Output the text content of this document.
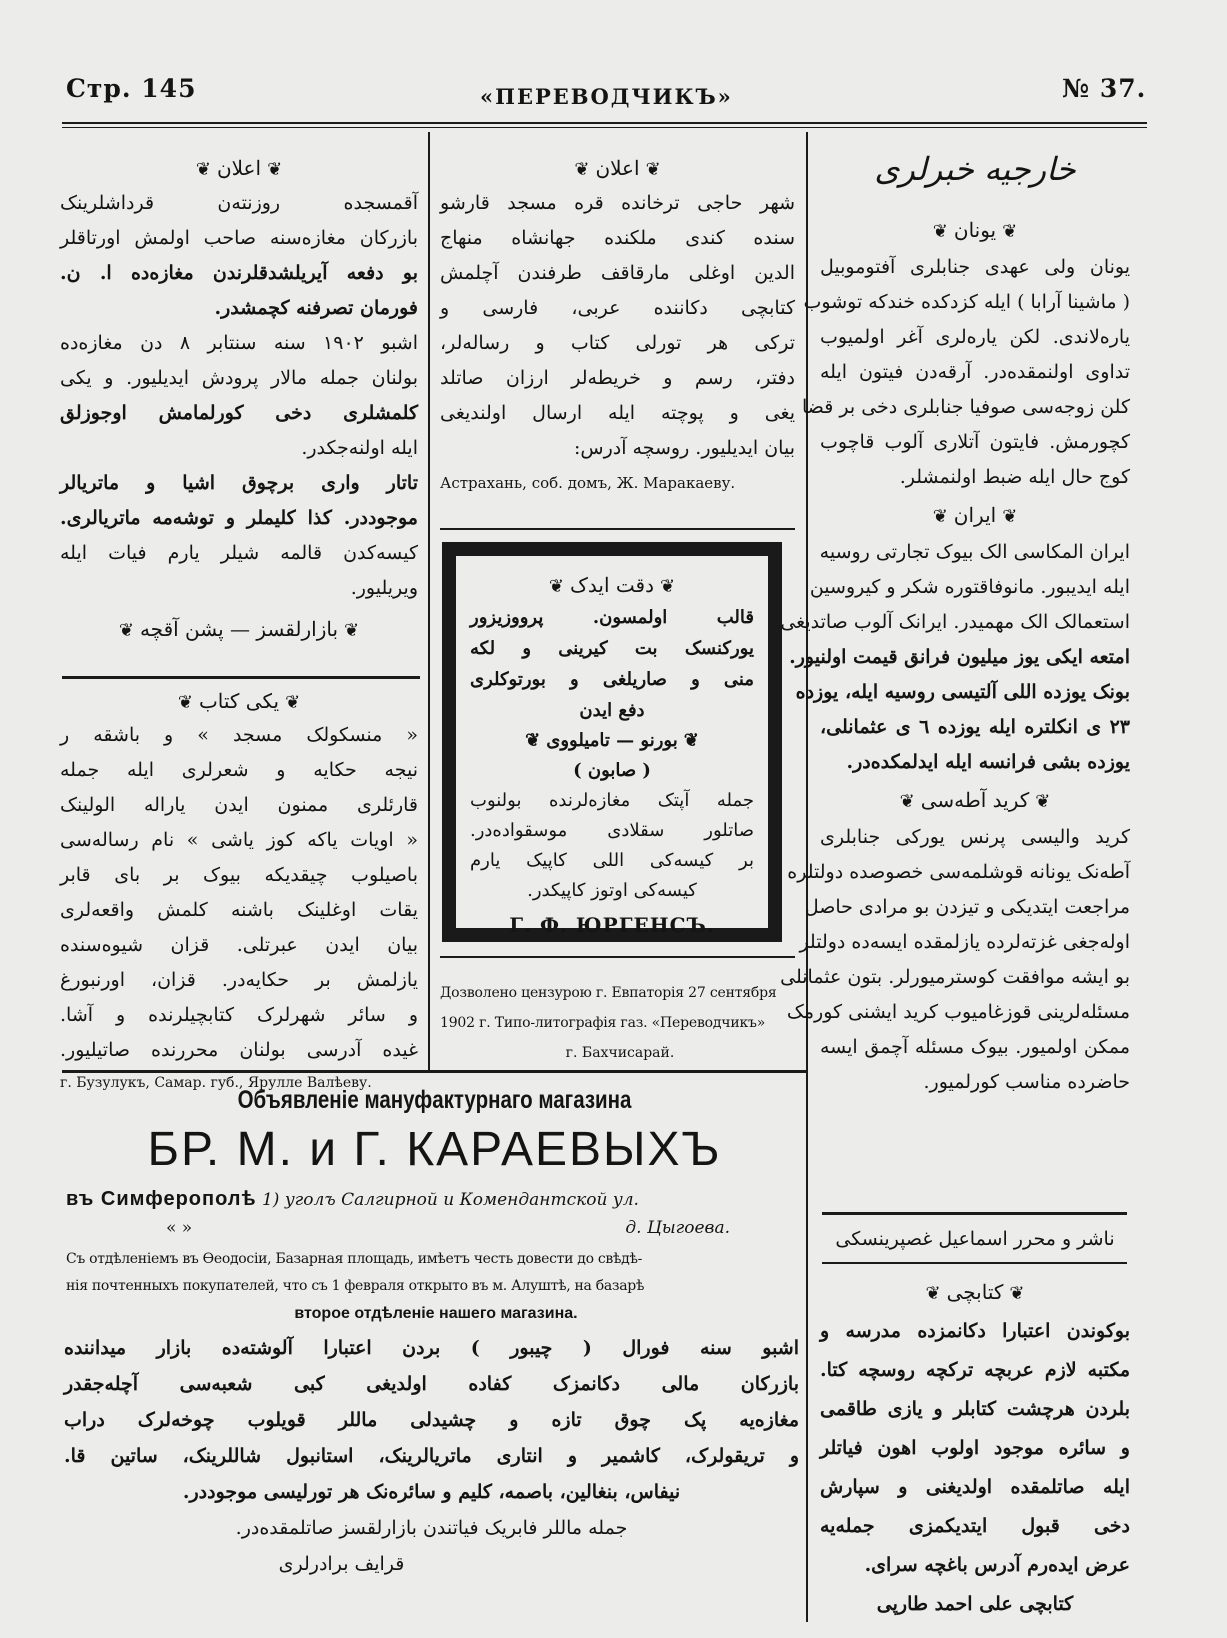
Стр. 145	«ПЕРЕВОДЧИКЪ»	№ 37.
خارجیه خبرلری
❦ یونان ❦
یونان ولی عهدی جنابلری آفتوموبیل
( ماشینا آرابا ) ایله کزدکده خندکه توشوب
یارەلاندی. لکن یارەلری آغر اولمیوب
تداوی اولنمقدەدر. آرقەدن فیتون ایله
کلن زوجەسی صوفیا جنابلری دخی بر قضا
کچورمش. فایتون آتلاری آلوب قاچوب
کوج حال ایله ضبط اولنمشلر.
❦ ایران ❦
ایران المکاسی الک بیوک تجارتی روسیه
ایله ایدیبور. مانوفاقتوره شکر و کیروسین
استعمالک الک مهمیدر. ایرانک آلوب صاتدیغی
امتعه ایکی یوز میلیون فرانق قیمت اولنیور.
بونک یوزده اللی آلتیسی روسیه ایله، یوزده
۲۳ ی انکلترە ایلە یوزدە ٦ ی عثمانلی،
یوزدە بشی فرانسە ایلە ایدلمکدەدر.
❦ کرید آطەسی ❦
کرید والیسی پرنس یورکی جنابلری
آطەنک یونانە قوشلمەسی خصوصدە دولتلرە
مراجعت ایتدیکی و تیزدن بو مرادی حاصل
اولەجغی غزتەلردە یازلمقدە ایسەدە دولتلر
بو ایشە موافقت کوسترمیورلر. بتون عثمانلی
مسئلەلرینی قوزغامیوب کرید ایشنی کورمک
ممکن اولمیور. بیوک مسئلە آچمق ایسە
حاضردە مناسب کورلمیور.
ناشر و محرر اسماعیل غصپرینسکی
❦ کتابچی ❦
بوکوندن اعتبارا دکانمزدە مدرسە و
مکتبە لازم عربچە ترکچە روسچە کتا.
بلردن هرچشت کتابلر و یازی طاقمی
و سائرە موجود اولوب اهون فیاتلر
ایلە صاتلمقدە اولدیغنی و سپارش
دخی قبول ایتدیکمزی جملەیە
عرض ایدەرم آدرس باغچە سرای.
کتابچی علی احمد طارپی
❦ اعلان ❦
شهر حاجی ترخاندە قرە مسجد قارشو
سندە کندی ملکندە جهانشاە منهاج
الدین اوغلی مارقاقف طرفندن آچلمش
کتابچی دکانندە عربی، فارسی و
ترکی هر تورلی کتاب و رسالەلر،
دفتر، رسم و خریطەلر ارزان صاتلد
یغی و پوچتە ایلە ارسال اولندیغی
بیان ایدیلیور. روسچە آدرس:
Астрахань, соб. домъ, Ж. Маракаеву.
❦ دقت ایدک ❦
قالب اولمسون. پرووزیزور
یورکنسک بت کیرینی و لکە
منی و صاریلغی و بورتوکلری
دفع ایدن
❦ بورنو — تامیلووی ❦
( صابون )
جملە آپتک مغازەلرندە بولنوب
صاتلور سقلادی موسقوادەدر.
بر کیسەکی اللی کاپیک یارم
کیسەکی اوتوز کاپیکدر.
Г. Ф. ЮРГЕНСЪ.
Дозволено цензурою г. Евпаторія 27 сентября
1902 г. Типо-литографія газ. «Переводчикъ»
г. Бахчисарай.
❦ اعلان ❦
آقمسجدە روزنتەن قرداشلرینک
بازرکان مغازەسنە صاحب اولمش اورتاقلر
بو دفعە آیریلشدقلرندن مغازەدە ا. ن.
فورمان تصرفنە کچمشدر.
اشبو ۱۹۰۲ سنە سنتابر ۸ دن مغازەدە
بولنان جملە مالار پرودش ایدیلیور. و یکی
کلمشلری دخی کورلمامش اوجوزلق
ایلە اولنەجکدر.
تاتار واری برچوق اشیا و ماتریالر
موجوددر. کذا کلیملر و توشەمە ماتریالری.
کیسەکدن قالمە شیلر یارم فیات ایلە
ویریلیور.
❦بازارلقسز — پشن آقچە❦
❦ یکی کتاب ❦
« منسکولک مسجد » و باشقە ر
نیجە حکایە و شعرلری ایلە جملە
قارئلری ممنون ایدن یارالە الولینک
« اویات یاکە کوز یاشی » نام رسالەسی
باصیلوب چیقدیکە بیوک بر بای قابر
یقات اوغلینک باشنە کلمش واقعەلری
بیان ایدن عبرتلی. قزان شیوەسندە
یازلمش بر حکایەدر. قزان، اورنبورغ
و سائر شهرلرک کتابچیلرندە و آشا.
غیدە آدرسی بولنان محررندە صاتیلیور.
г. Бузулукъ, Самар. губ., Ярулле Валѣеву.
Объявленіе мануфактурнаго магазина
БР. М. и Г. КАРАЕВЫХЪ
въ Симферополѣ 1) уголъ Салгирной и Комендантской ул.
« »	д. Цыгоева.
Съ отдѣленіемъ въ Ѳеодосіи, Базарная площадь, имѣетъ честь довести до свѣдѣ-
нія почтенныхъ покупателей, что съ 1 февраля открыто въ м. Алуштѣ, на базарѣ
второе отдѣленіе нашего магазина.
اشبو سنە فورال ( چیبور ) بردن اعتبارا آلوشتەدە بازار میدانندە
بازرکان مالی دکانمزک کفادە اولدیغی کبی شعبەسی آچلەجقدر
مغازەیە پک چوق تازە و چشیدلی ماللر قویلوب چوخەلرک دراب
و تریقولرک، کاشمیر و انتاری ماتریالرینک، استانبول شاللرینک، ساتین قا.
نیفاس، بنغالین، باصمە، کلیم و سائرەنک هر تورلیسی موجوددر.
جملە ماللر فابریک فیاتندن بازارلقسز صاتلمقدەدر.
قرایف برادرلری
